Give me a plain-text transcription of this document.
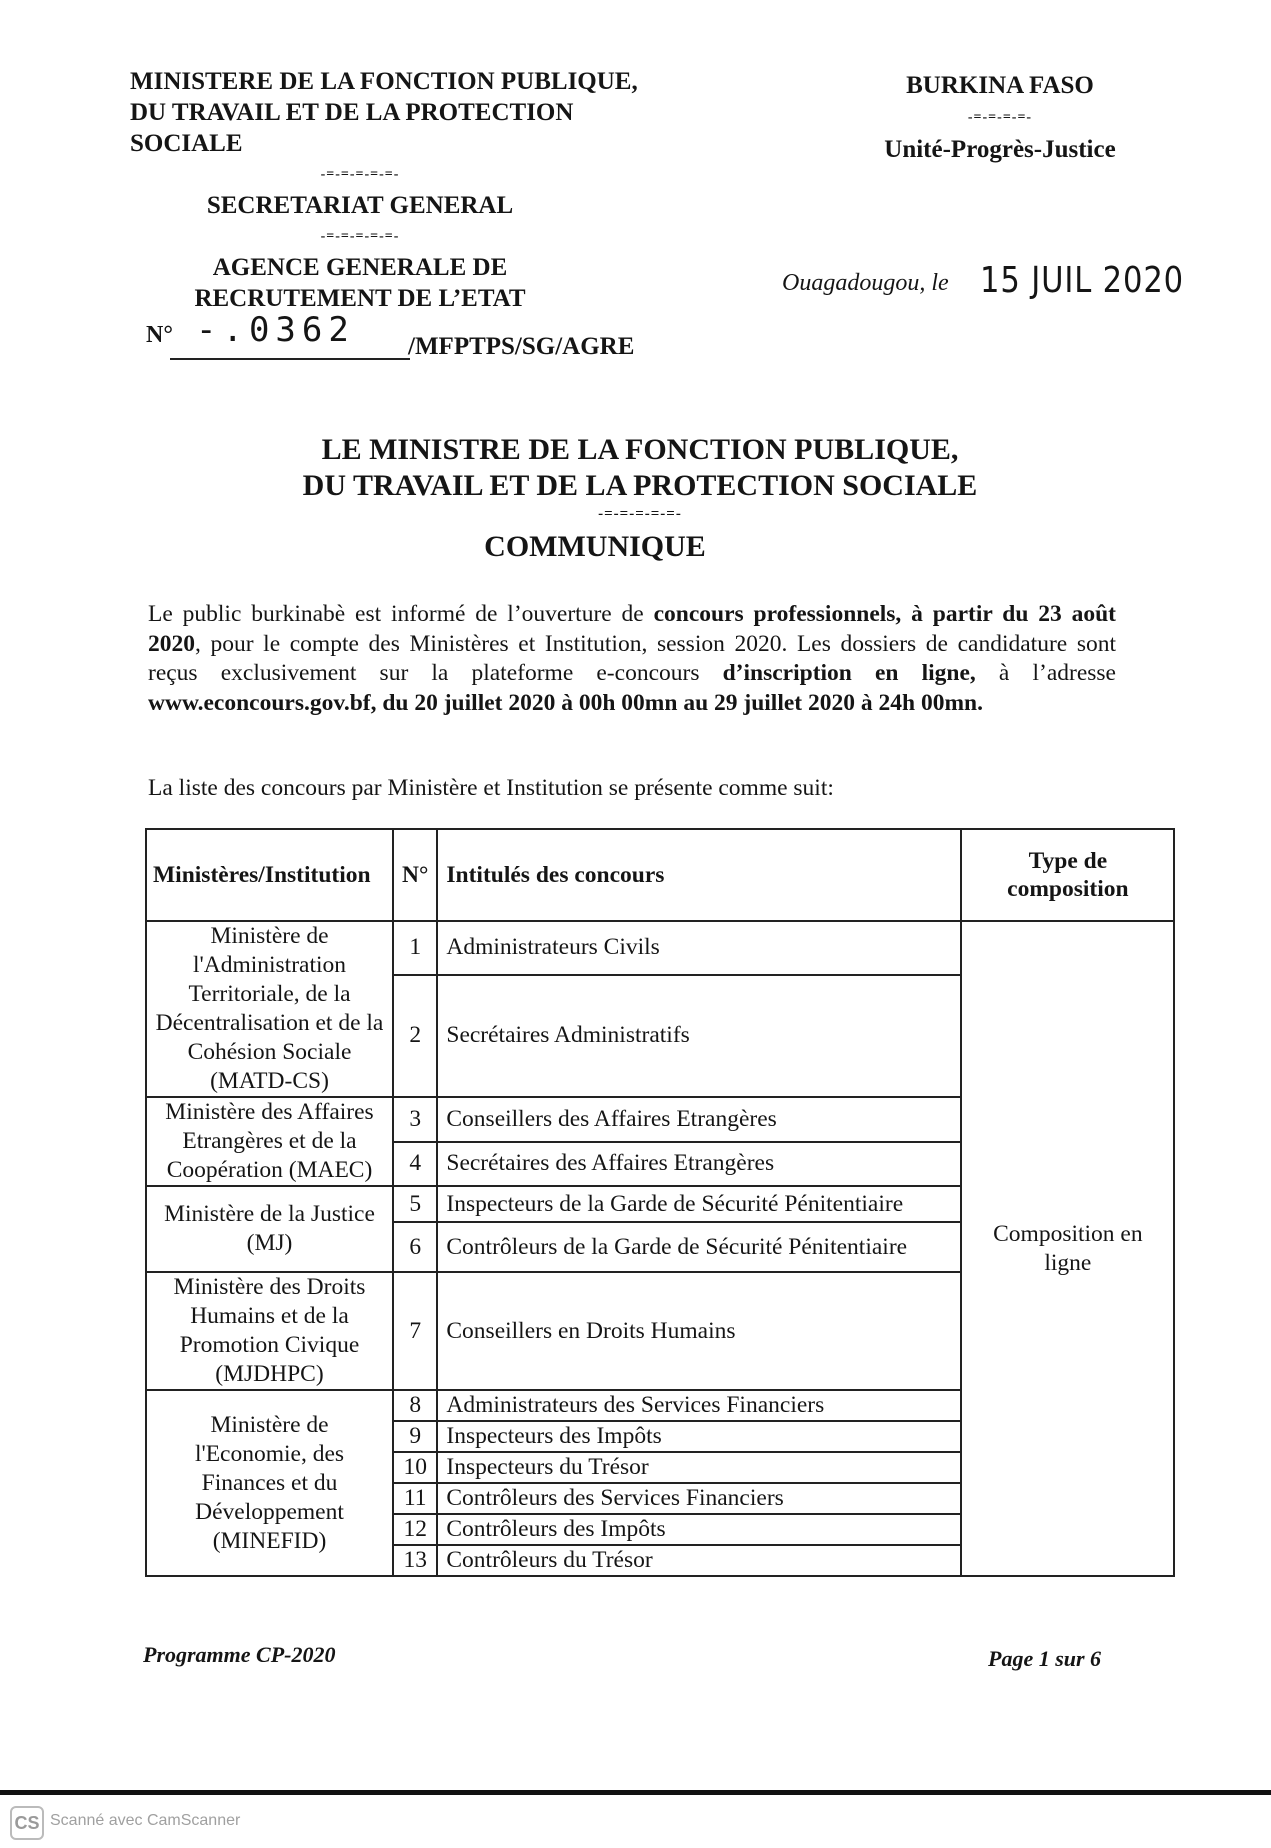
MINISTERE DE LA FONCTION PUBLIQUE,
DU TRAVAIL ET DE LA PROTECTION SOCIALE
-=-=-=-=-=-
SECRETARIAT GENERAL
-=-=-=-=-=-
AGENCE GENERALE DE
RECRUTEMENT DE L’ETAT
BURKINA FASO
-=-=-=-=-
Unité-Progrès-Justice
Ouagadougou, le 15 JUIL 2020
N° -.0362 /MFPTPS/SG/AGRE
LE MINISTRE DE LA FONCTION PUBLIQUE,
DU TRAVAIL ET DE LA PROTECTION SOCIALE
-=-=-=-=-=-
COMMUNIQUE
Le public burkinabè est informé de l’ouverture de concours professionnels, à partir du 23 août 2020, pour le compte des Ministères et Institution, session 2020. Les dossiers de candidature sont reçus exclusivement sur la plateforme e-concours d’inscription en ligne, à l’adresse www.econcours.gov.bf, du 20 juillet 2020 à 00h 00mn au 29 juillet 2020 à 24h 00mn.
La liste des concours par Ministère et Institution se présente comme suit:
Ministères/Institution	N°	Intitulés des concours	Type de composition
Ministère de l'Administration Territoriale, de la Décentralisation et de la Cohésion Sociale (MATD-CS)	1	Administrateurs Civils	Composition en ligne
	2	Secrétaires Administratifs	
Ministère des Affaires Etrangères et de la Coopération (MAEC)	3	Conseillers des Affaires Etrangères	
	4	Secrétaires des Affaires Etrangères	
Ministère de la Justice (MJ)	5	Inspecteurs de la Garde de Sécurité Pénitentiaire	
	6	Contrôleurs de la Garde de Sécurité Pénitentiaire	
Ministère des Droits Humains et de la Promotion Civique (MJDHPC)	7	Conseillers en Droits Humains	
Ministère de l'Economie, des Finances et du Développement (MINEFID)	8	Administrateurs des Services Financiers	
	9	Inspecteurs des Impôts	
	10	Inspecteurs du Trésor	
	11	Contrôleurs des Services Financiers	
	12	Contrôleurs des Impôts	
	13	Contrôleurs du Trésor	
Programme CP-2020	Page 1 sur 6
CS Scanné avec CamScanner
